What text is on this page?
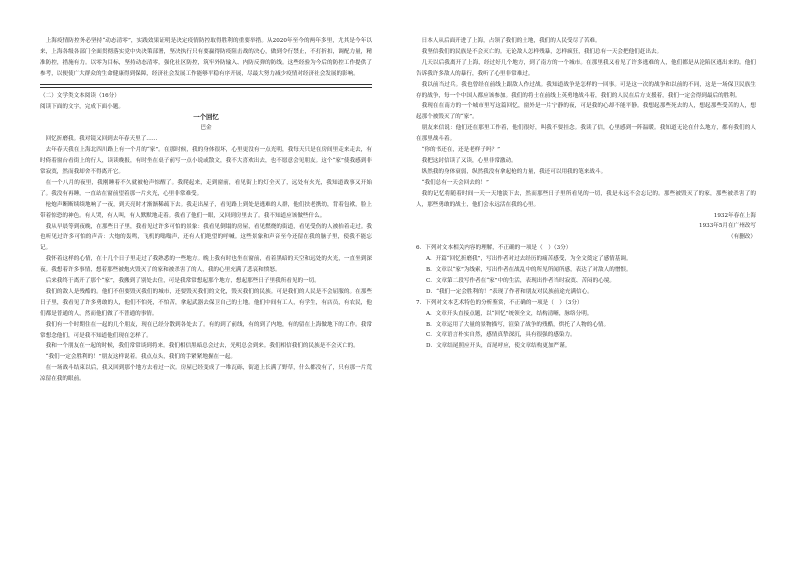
上海疫情防控务必坚持“动态清零”，实践效果证明是决定疫情防控取得胜利的重要举措。从2020年至今的两年多里，尤其是今年以来，上海各级各部门全面贯彻落实党中央决策部署，坚决执行只有要赢得防疫阻击战的决心，做到令行禁止，不打折扣，调配力量，精准防控，措施有力。以零为目标，坚持动态清零，强化社区防控，筑牢外防输入、内防反弹的防线。这些经验为今后的防控工作提供了参考，以便使广大群众的生命健康得到保障，经济社会发展工作能够平稳有序开展，尽最大努力减少疫情对经济社会发展的影响。

（二）文学类文本阅读（16分）

阅读下面的文字，完成下面小题。

一个回忆

巴金

回忆折磨我。我对镜又回到去年春天里了……

去年春天我在上海北四川路上有一个月的“家”。在那时候，我的身体很坏，心里更没有一点光明，我每天只是在房间里走来走去，有时倚着窗台看街上的行人，读读晚报，有时坐在桌子前写一点小说或散文，我不大喜欢出去，也不愿意会见朋友。这个“家”使我感到非常寂寞，然而我却舍不得离开它。

在一个八月的夜里，我刚睡着不久就被枪声惊醒了。我爬起来，走到窗前，看见街上的灯全灭了，远处有火光，我知道战事又开始了。我没有再睡，一直站在窗前望着那一片火光，心里非常难受。

枪炮声断断续续地响了一夜，到天亮时才渐渐稀疏下去。我走出屋子，看见路上到处是逃难的人群，他们扶老携幼，背着包袱，脸上带着惊恐的神色。有人哭，有人叫，有人默默地走着。我看了他们一眼，又回到房里去了。我不知道应该做些什么。

我从早晨等到夜晚，在那些日子里，我看见过许多可怕的景象：我看见倒塌的房屋，看见燃烧的街道，看见受伤的人被抬着走过。我也听见过许多可怕的声音：大炮的轰鸣，飞机的嗡嗡声，还有人们绝望的呼喊。这些景象和声音至今还留在我的脑子里，使我不能忘记。

我怀着这样的心情，在十几个日子里走过了我熟悉的一些地方。晚上我有时也坐在窗前，看着黑暗的天空和远处的火光，一直坐到深夜。我想着许多事情，想着那些被炮火毁灭了的家和被杀害了的人，我的心里充满了悲哀和愤怒。

后来我终于离开了那个“家”，我搬到了别处去住，可是我常常想起那个地方，想起那些日子里我所看见的一切。

我们的敌人是残酷的。他们不但要毁灭我们的城市，还要毁灭我们的文化，毁灭我们的民族。可是我们的人民是不会屈服的。在那些日子里，我看见了许多勇敢的人，他们不怕死，不怕苦，拿起武器去保卫自己的土地。他们中间有工人，有学生，有店员，有农民，他们都是普通的人，然而他们做了不普通的事情。

我们有一个时期住在一起的几个朋友，现在已经分散到各处去了。有的到了前线，有的到了内地，有的留在上海做地下的工作。我常常想念他们，可是我不知道他们现在怎样了。

我和一个朋友在一起的时候，我们常常谈到将来。我们相信黑暗总会过去，光明总会到来。我们相信我们的民族是不会灭亡的。

“我们一定会胜利的！”朋友这样说着。我点点头，我们的手紧紧地握在一起。

在一场战斗结束以后，我又回到那个地方去看过一次。房屋已经变成了一堆瓦砾，街道上长满了野草，什么都没有了，只有那一片荒凉留在我的眼前。

日本人从后面开进了上海，占领了我们的土地，我们的人民受尽了苦难。

我坚信我们的民族是不会灭亡的。无论敌人怎样残暴，怎样疯狂，我们总有一天会把他们赶出去。

几天以后我离开了上海，经过好几个地方，到了南方的一个城市。在那里我又看见了许多逃难的人，他们都是从沦陷区逃出来的。他们告诉我许多敌人的暴行，我听了心里非常难过。

我以前当过兵。我也曾经在前线上跟敌人作过战。我知道战争是怎样的一回事。可是这一次的战争和以前的不同，这是一场保卫民族生存的战争，每一个中国人都应该参加。我们的将士在前线上英勇地战斗着，我们的人民在后方支援着，我们一定会得到最后的胜利。

我现在在南方的一个城市里写这篇回忆，窗外是一片宁静的夜，可是我的心却不能平静。我想起那些死去的人，想起那些受苦的人，想起那个被毁灭了的“家”。

朋友来信说：他们还在那里工作着，他们很好，叫我不要挂念。我读了信，心里感到一阵温暖。我知道无论在什么地方，都有我们的人在那里战斗着。

“你的书还在，还是老样子吗？”

我把这封信读了又读，心里非常激动。

纵然我的身体衰弱，纵然我没有拿起枪的力量，我还可以用我的笔来战斗。

“我们总有一天会回去的！”

我的记忆将随着时间一天一天地淡下去，然而那些日子里所看见的一切，我是永远不会忘记的。那些被毁灭了的家，那些被杀害了的人，那些勇敢的战士，他们会永远活在我的心里。

1932年春在上海

1933年5月在广州改写

（有删改）

6．下列对文本相关内容的理解，不正确的一项是（　）（3分）

A．开篇“回忆折磨我”，写出作者对过去经历的痛苦感受，为全文奠定了感情基调。

B．文章以“家”为线索，写出作者在战乱中的所见所闻所感，表达了对敌人的憎恨。

C．文章第二段写作者在“家”中的生活，表现出作者当时寂寞、苦闷的心境。

D．“我们一定会胜利的！”表现了作者和朋友对民族前途充满信心。

7．下列对文本艺术特色的分析鉴赏，不正确的一项是（　）（3分）

A．文章开头直接点题，以“回忆”统领全文，结构清晰，脉络分明。

B．文章运用了大量的景物描写，渲染了战争的残酷，烘托了人物的心情。

C．文章语言朴实自然，感情真挚深沉，具有很强的感染力。

D．文章结尾照应开头，首尾呼应，使文章结构更加严谨。
